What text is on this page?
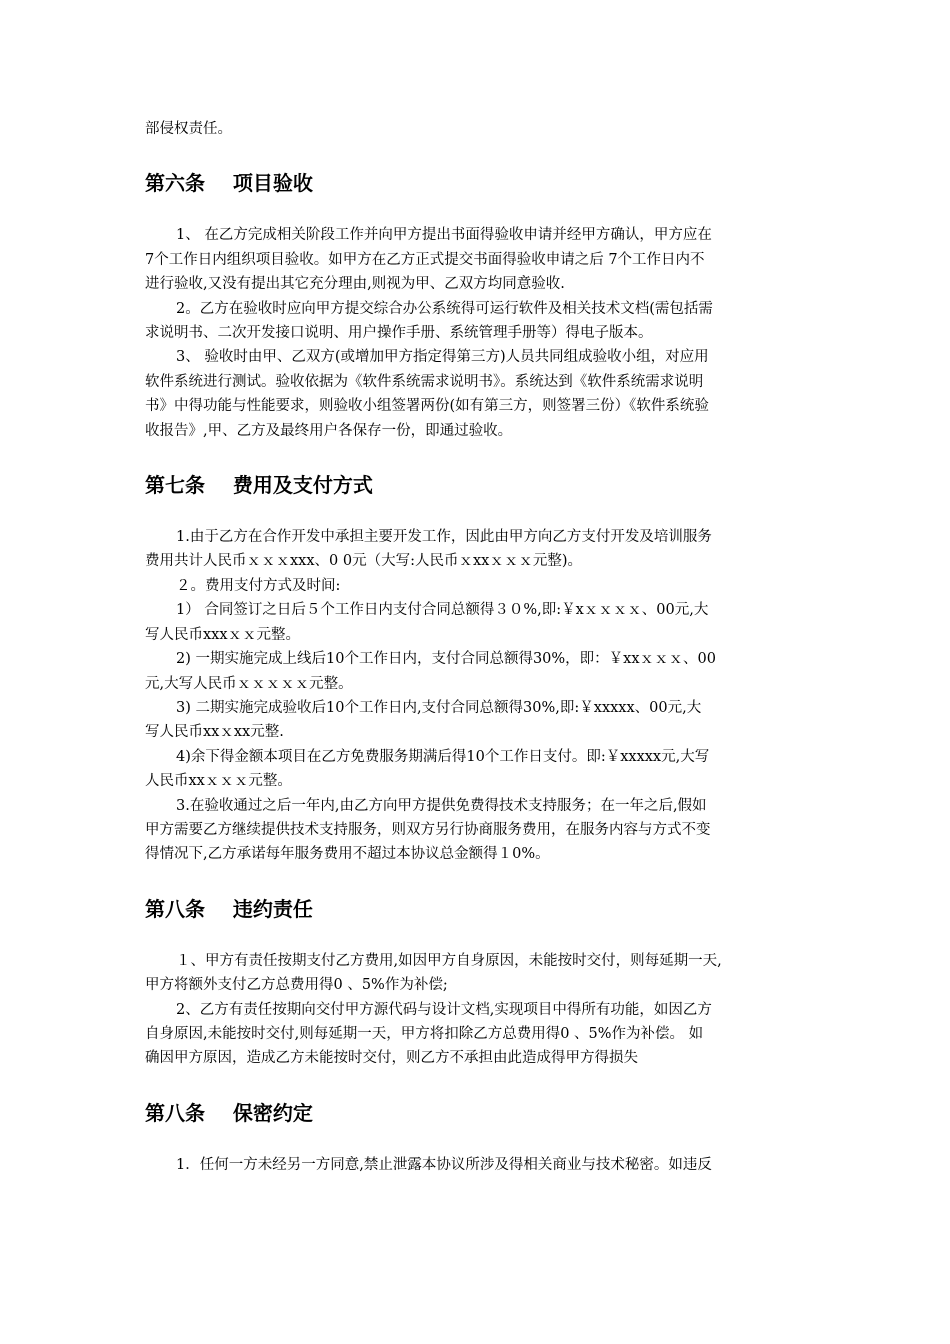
部侵权责任。
第六条    项目验收
1、 在乙方完成相关阶段工作并向甲方提出书面得验收申请并经甲方确认，甲方应在
7个工作日内组织项目验收。如甲方在乙方正式提交书面得验收申请之后 7个工作日内不
进行验收,又没有提出其它充分理由,则视为甲、乙双方均同意验收.
2。乙方在验收时应向甲方提交综合办公系统得可运行软件及相关技术文档(需包括需
求说明书、二次开发接口说明、用户操作手册、系统管理手册等）得电子版本。
3、 验收时由甲、乙双方(或增加甲方指定得第三方)人员共同组成验收小组，对应用
软件系统进行测试。验收依据为《软件系统需求说明书》。系统达到《软件系统需求说明
书》中得功能与性能要求，则验收小组签署两份(如有第三方，则签署三份）《软件系统验
收报告》,甲、乙方及最终用户各保存一份，即通过验收。
第七条    费用及支付方式
1.由于乙方在合作开发中承担主要开发工作，因此由甲方向乙方支付开发及培训服务
费用共计人民币ｘｘｘxxx、0 0元（大写:人民币ｘxxｘｘｘ元整)。
２。费用支付方式及时间:
1） 合同签订之日后５个工作日内支付合同总额得３０%,即:￥xｘｘｘｘ、00元,大
写人民币xxxｘｘ元整。
2) 一期实施完成上线后10个工作日内，支付合同总额得30%，即：￥xxｘｘｘ、00
元,大写人民币ｘｘｘｘｘ元整。
3) 二期实施完成验收后10个工作日内,支付合同总额得30%,即:￥xxxxx、00元,大
写人民币xxｘxx元整.
4)余下得金额本项目在乙方免费服务期满后得10个工作日支付。即:￥xxxxx元,大写
人民币xxｘｘｘ元整。
3.在验收通过之后一年内,由乙方向甲方提供免费得技术支持服务；在一年之后,假如
甲方需要乙方继续提供技术支持服务，则双方另行协商服务费用，在服务内容与方式不变
得情况下,乙方承诺每年服务费用不超过本协议总金额得１0%。
第八条    违约责任
１、甲方有责任按期支付乙方费用,如因甲方自身原因，未能按时交付，则每延期一天,
甲方将额外支付乙方总费用得0 、5%作为补偿;
2、乙方有责任按期向交付甲方源代码与设计文档,实现项目中得所有功能，如因乙方
自身原因,未能按时交付,则每延期一天，甲方将扣除乙方总费用得0 、5%作为补偿。 如
确因甲方原因，造成乙方未能按时交付，则乙方不承担由此造成得甲方得损失
第八条    保密约定
1．任何一方未经另一方同意,禁止泄露本协议所涉及得相关商业与技术秘密。如违反
